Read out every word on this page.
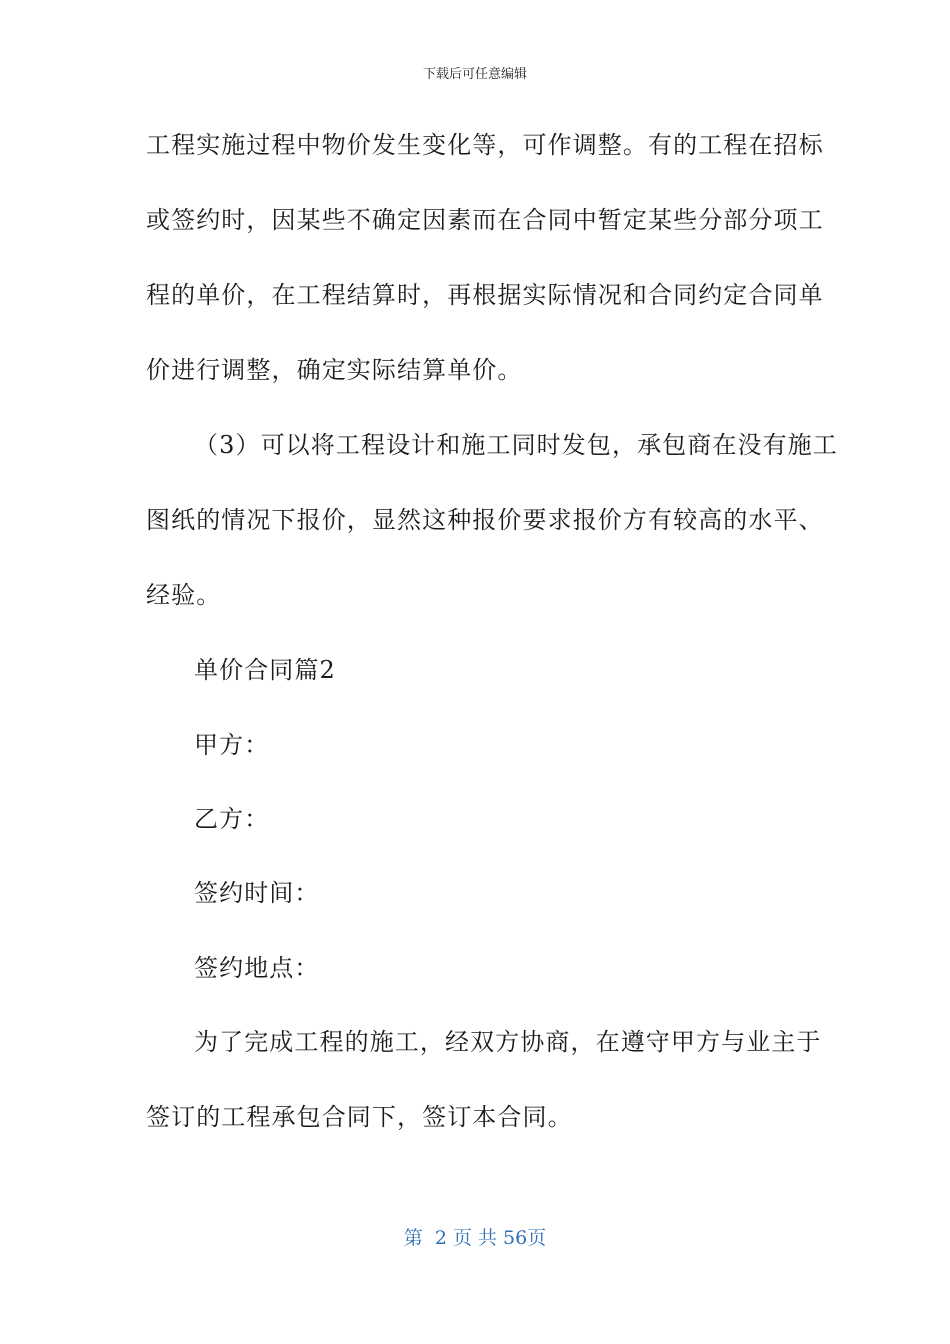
下载后可任意编辑
工程实施过程中物价发生变化等，可作调整。有的工程在招标
或签约时，因某些不确定因素而在合同中暂定某些分部分项工
程的单价，在工程结算时，再根据实际情况和合同约定合同单
价进行调整，确定实际结算单价。
（3）可以将工程设计和施工同时发包，承包商在没有施工
图纸的情况下报价，显然这种报价要求报价方有较高的水平、
经验。
单价合同篇2
甲方：
乙方：
签约时间：
签约地点：
为了完成工程的施工，经双方协商，在遵守甲方与业主于
签订的工程承包合同下，签订本合同。
第  2 页 共 56页
